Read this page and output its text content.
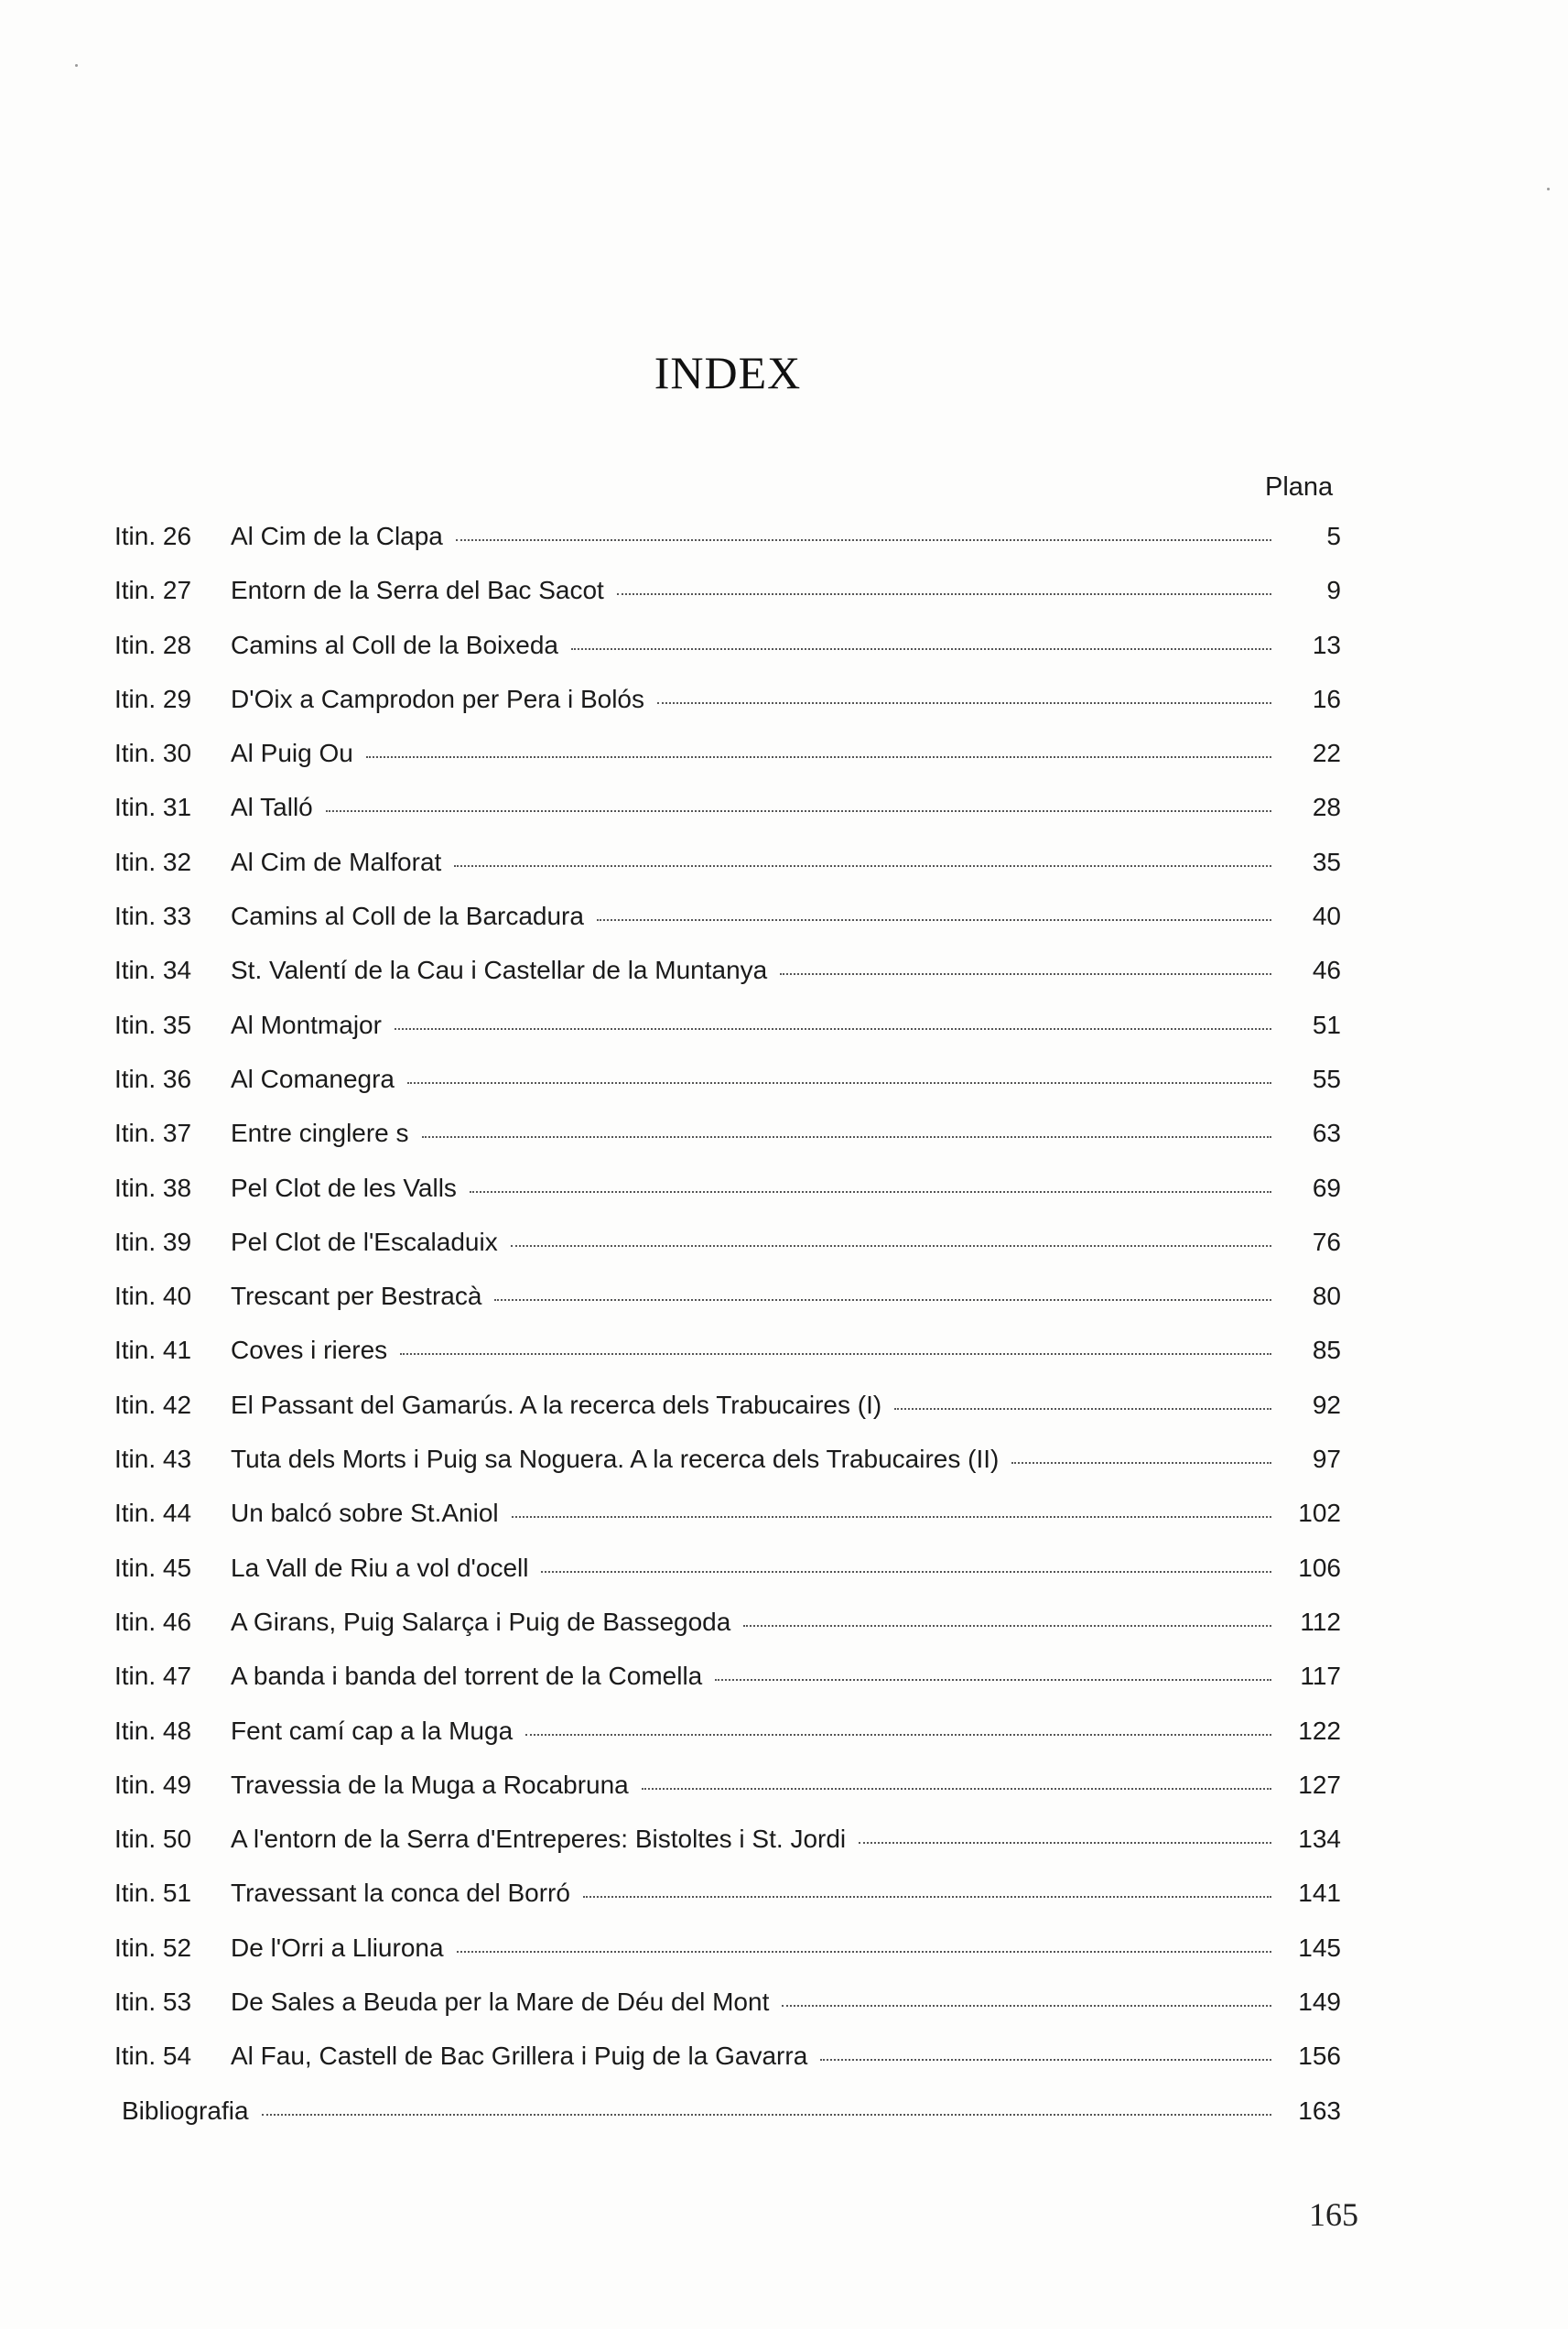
INDEX
Plana
Itin. 26	Al Cim de la Clapa	5
Itin. 27	Entorn de la Serra del Bac Sacot	9
Itin. 28	Camins al Coll de la Boixeda	13
Itin. 29	D'Oix a Camprodon per Pera i Bolós	16
Itin. 30	Al Puig Ou	22
Itin. 31	Al Talló	28
Itin. 32	Al Cim de Malforat	35
Itin. 33	Camins al Coll de la Barcadura	40
Itin. 34	St. Valentí de la Cau i Castellar de la Muntanya	46
Itin. 35	Al Montmajor	51
Itin. 36	Al Comanegra	55
Itin. 37	Entre cinglere s	63
Itin. 38	Pel Clot de les Valls	69
Itin. 39	Pel Clot de l'Escaladuix	76
Itin. 40	Trescant per Bestracà	80
Itin. 41	Coves i rieres	85
Itin. 42	El Passant del Gamarús. A la recerca dels Trabucaires (I)	92
Itin. 43	Tuta dels Morts i Puig sa Noguera. A la recerca dels Trabucaires (II)	97
Itin. 44	Un balcó sobre St.Aniol	102
Itin. 45	La Vall de Riu a vol d'ocell	106
Itin. 46	A Girans, Puig Salarça i Puig de Bassegoda	112
Itin. 47	A banda i banda del torrent de la Comella	117
Itin. 48	Fent camí cap a la Muga	122
Itin. 49	Travessia de la Muga a Rocabruna	127
Itin. 50	A l'entorn de la Serra d'Entreperes: Bistoltes i St. Jordi	134
Itin. 51	Travessant la conca del Borró	141
Itin. 52	De l'Orri a Lliurona	145
Itin. 53	De Sales a Beuda per la Mare de Déu del Mont	149
Itin. 54	Al Fau, Castell de Bac Grillera i Puig de la Gavarra	156
Bibliografia	163
165
